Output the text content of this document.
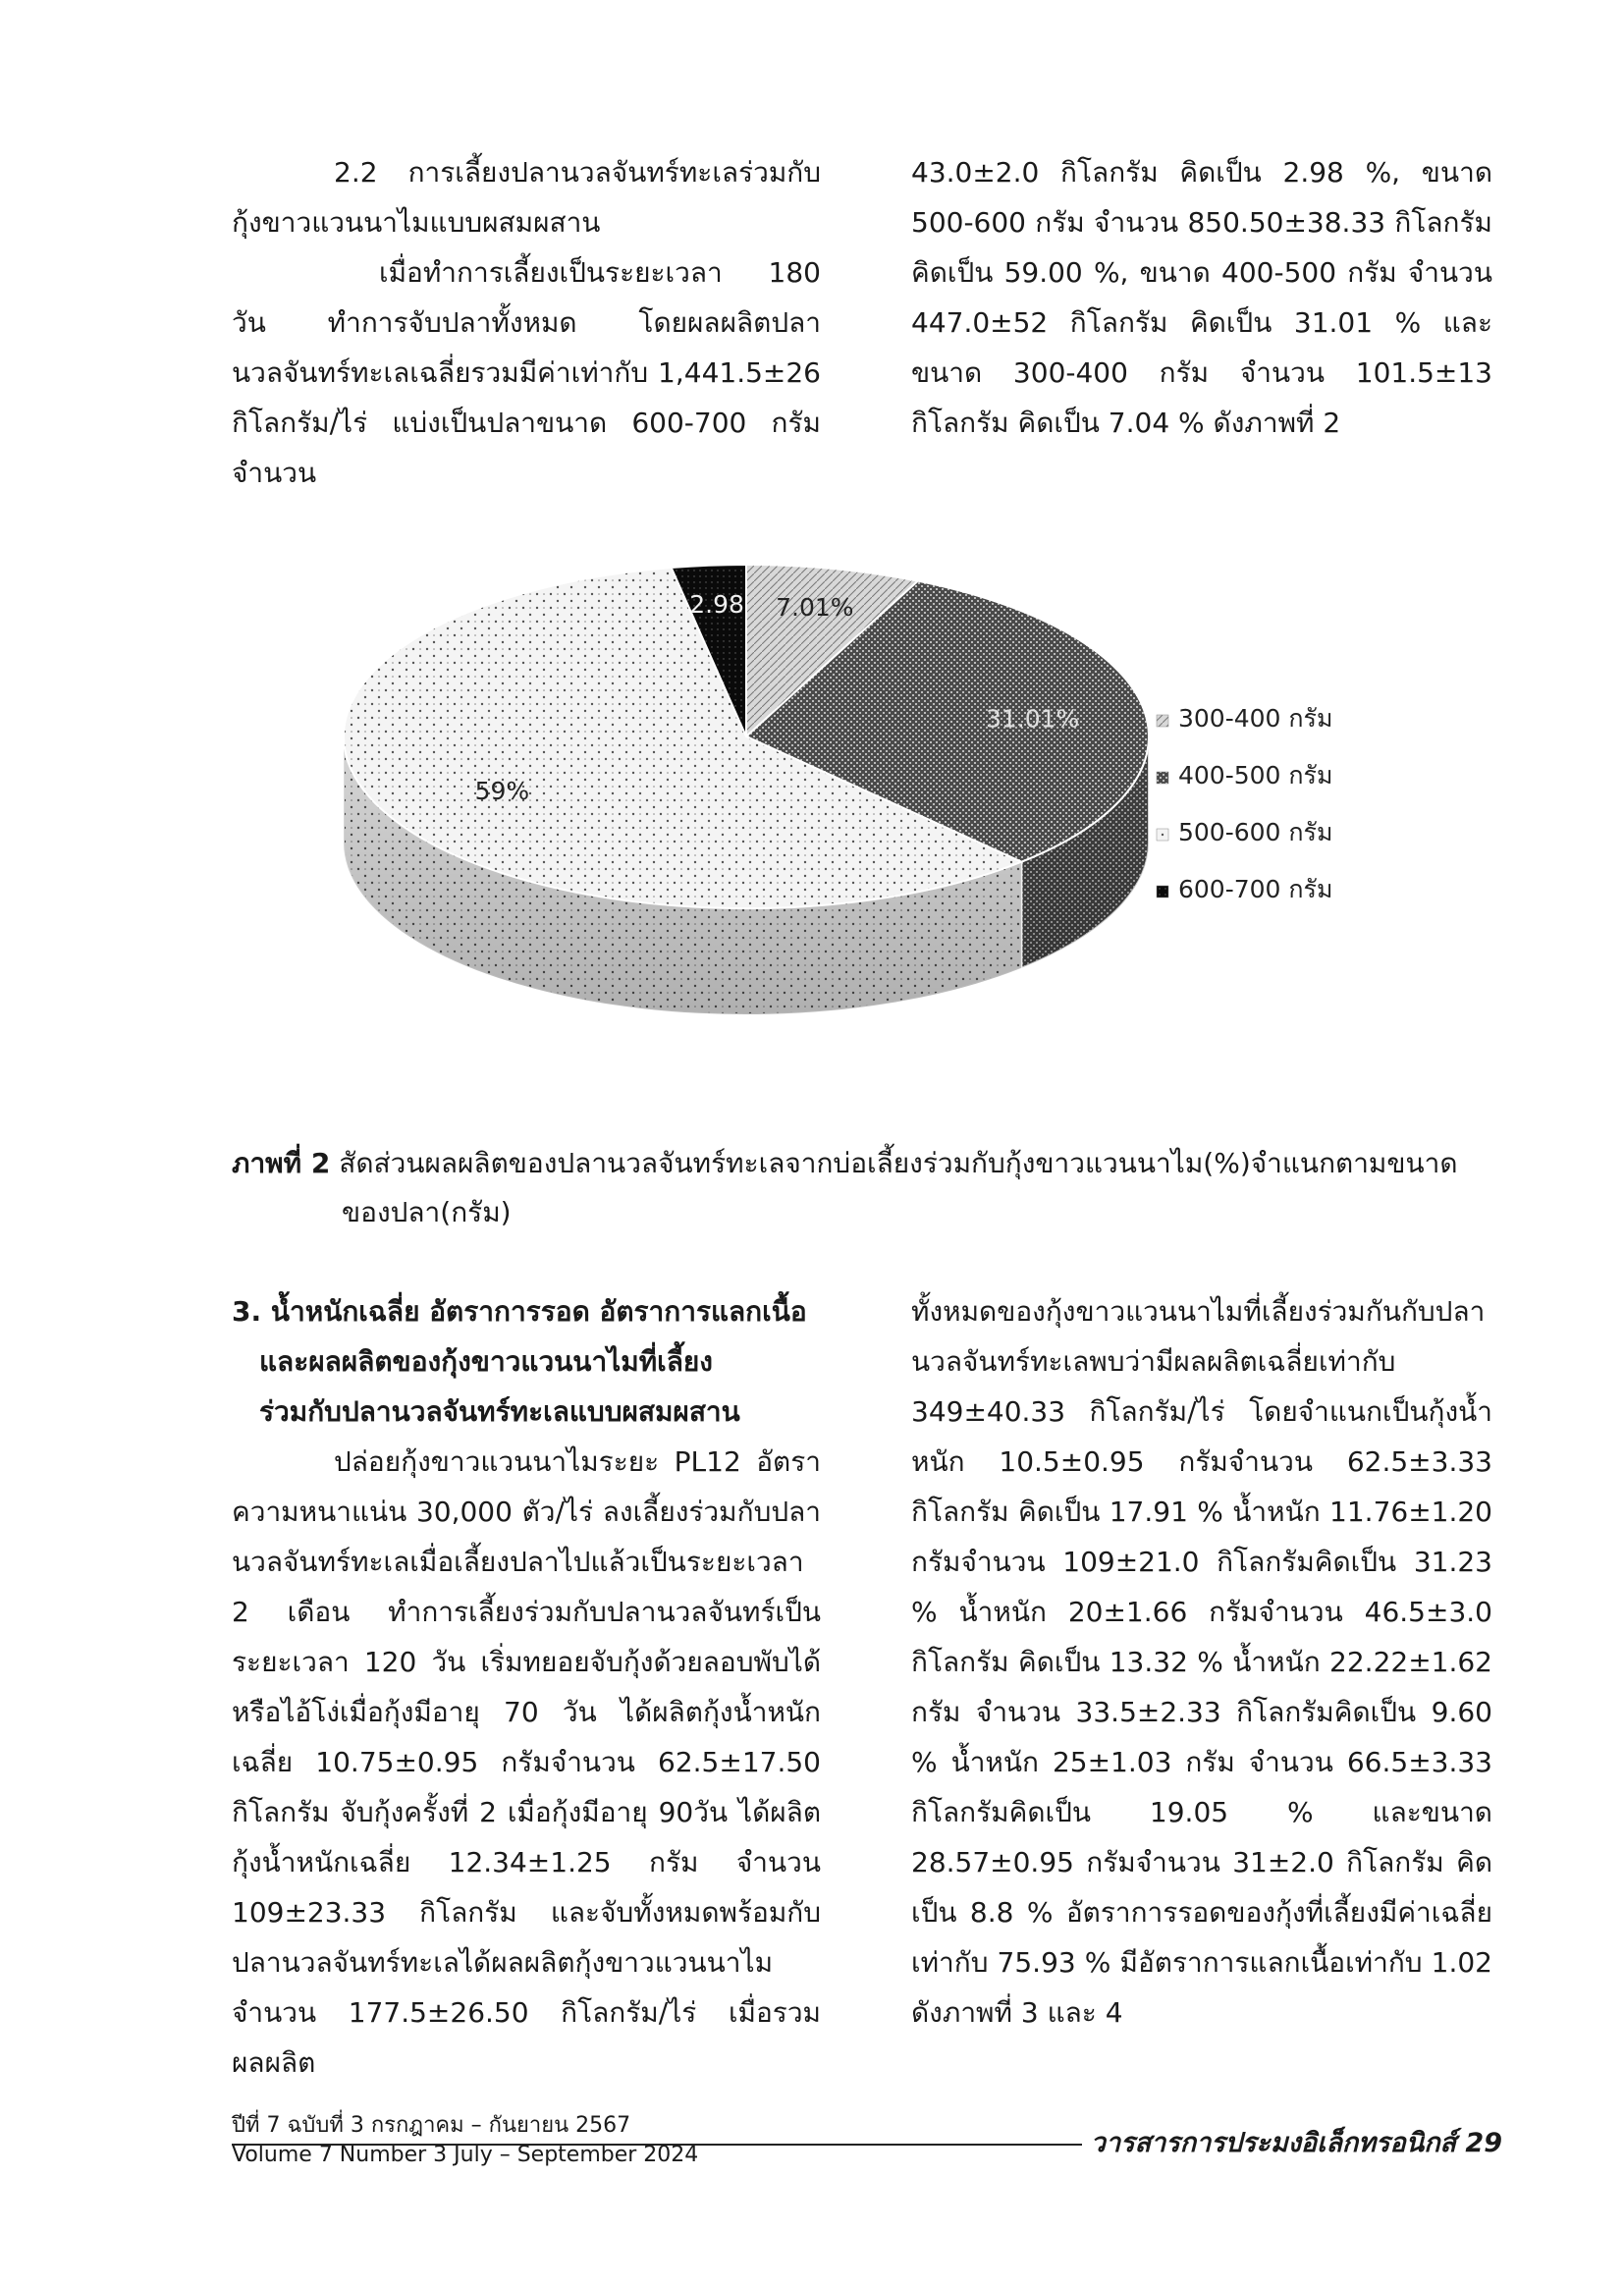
2.2 การเลี้ยงปลานวลจันทร์ทะเลร่วมกับกุ้งขาวแวนนาไมแบบผสมผสาน

เมื่อทำการเลี้ยงเป็นระยะเวลา 180 วัน ทำการจับปลาทั้งหมด โดยผลผลิตปลานวลจันทร์ทะเลเฉลี่ยรวมมีค่าเท่ากับ 1,441.5±26 กิโลกรัม/ไร่ แบ่งเป็นปลาขนาด 600-700 กรัมจำนวน

43.0±2.0 กิโลกรัม คิดเป็น 2.98 %, ขนาด 500-600 กรัม จำนวน 850.50±38.33 กิโลกรัม คิดเป็น 59.00 %, ขนาด 400-500 กรัม จำนวน 447.0±52 กิโลกรัม คิดเป็น 31.01 % และขนาด 300-400 กรัม จำนวน 101.5±13 กิโลกรัม คิดเป็น 7.04 % ดังภาพที่ 2

7.01%
31.01%
59%
2.98
300-400 กรัม
400-500 กรัม
500-600 กรัม
600-700 กรัม
ภาพที่ 2 สัดส่วนผลผลิตของปลานวลจันทร์ทะเลจากบ่อเลี้ยงร่วมกับกุ้งขาวแวนนาไม(%)จำแนกตามขนาด
ของปลา(กรัม)
3. น้ำหนักเฉลี่ย อัตราการรอด อัตราการแลกเนื้อ
และผลผลิตของกุ้งขาวแวนนาไมที่เลี้ยง
ร่วมกับปลานวลจันทร์ทะเลแบบผสมผสาน

ปล่อยกุ้งขาวแวนนาไมระยะ PL12 อัตราความหนาแน่น 30,000 ตัว/ไร่ ลงเลี้ยงร่วมกับปลานวลจันทร์ทะเลเมื่อเลี้ยงปลาไปแล้วเป็นระยะเวลา 2 เดือน ทำการเลี้ยงร่วมกับปลานวลจันทร์เป็นระยะเวลา 120 วัน เริ่มทยอยจับกุ้งด้วยลอบพับได้หรือไอ้โง่เมื่อกุ้งมีอายุ 70 วัน ได้ผลิตกุ้งน้ำหนักเฉลี่ย 10.75±0.95 กรัมจำนวน 62.5±17.50 กิโลกรัม จับกุ้งครั้งที่ 2 เมื่อกุ้งมีอายุ 90วัน ได้ผลิตกุ้งน้ำหนักเฉลี่ย 12.34±1.25 กรัม จำนวน 109±23.33 กิโลกรัม และจับทั้งหมดพร้อมกับปลานวลจันทร์ทะเลได้ผลผลิตกุ้งขาวแวนนาไม จำนวน 177.5±26.50 กิโลกรัม/ไร่ เมื่อรวมผลผลิต

ทั้งหมดของกุ้งขาวแวนนาไมที่เลี้ยงร่วมกันกับปลานวลจันทร์ทะเลพบว่ามีผลผลิตเฉลี่ยเท่ากับ 349±40.33 กิโลกรัม/ไร่ โดยจำแนกเป็นกุ้งน้ำหนัก 10.5±0.95 กรัมจำนวน 62.5±3.33 กิโลกรัม คิดเป็น 17.91 % น้ำหนัก 11.76±1.20 กรัมจำนวน 109±21.0 กิโลกรัมคิดเป็น 31.23 % น้ำหนัก 20±1.66 กรัมจำนวน 46.5±3.0 กิโลกรัม คิดเป็น 13.32 % น้ำหนัก 22.22±1.62 กรัม จำนวน 33.5±2.33 กิโลกรัมคิดเป็น 9.60 % น้ำหนัก 25±1.03 กรัม จำนวน 66.5±3.33 กิโลกรัมคิดเป็น 19.05 % และขนาด 28.57±0.95 กรัมจำนวน 31±2.0 กิโลกรัม คิดเป็น 8.8 % อัตราการรอดของกุ้งที่เลี้ยงมีค่าเฉลี่ยเท่ากับ 75.93 % มีอัตราการแลกเนื้อเท่ากับ 1.02 ดังภาพที่ 3 และ 4

ปีที่ 7 ฉบับที่ 3 กรกฎาคม – กันยายน 2567
Volume 7 Number 3 July – September 2024	วารสารการประมงอิเล็กทรอนิกส์ 29
